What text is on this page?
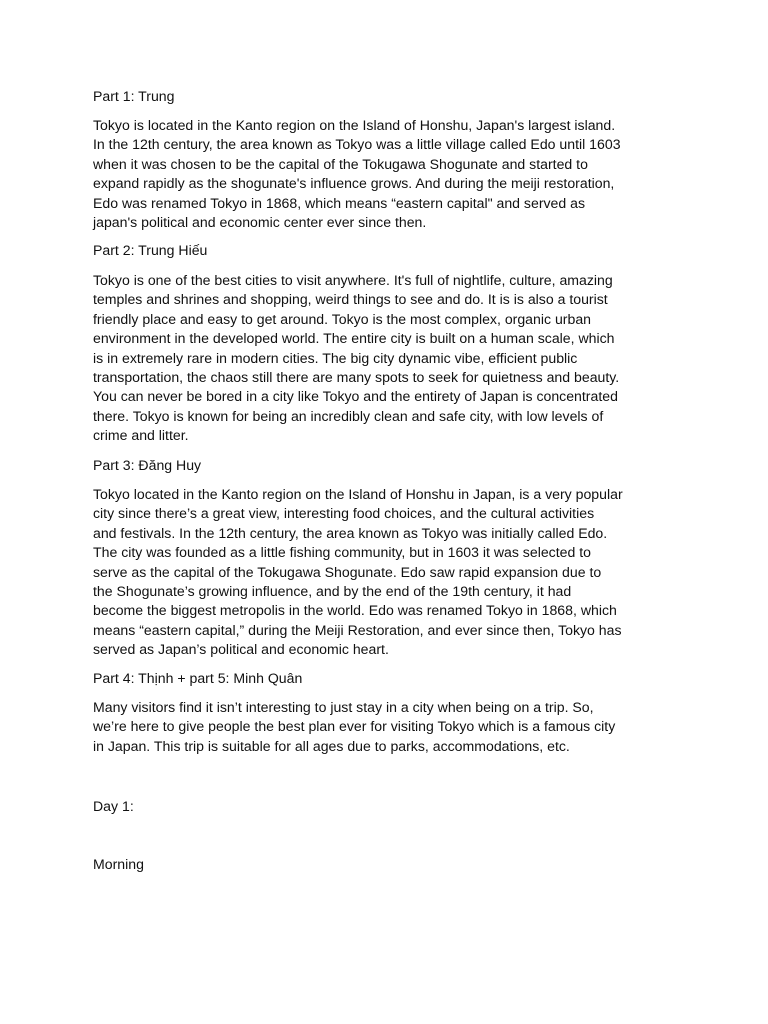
Part 1: Trung

Tokyo is located in the Kanto region on the Island of Honshu, Japan's largest island.
In the 12th century, the area known as Tokyo was a little village called Edo until 1603
when it was chosen to be the capital of the Tokugawa Shogunate and started to
expand rapidly as the shogunate's influence grows. And during the meiji restoration,
Edo was renamed Tokyo in 1868, which means “eastern capital" and served as
japan's political and economic center ever since then.

Part 2: Trung Hiếu

Tokyo is one of the best cities to visit anywhere. It's full of nightlife, culture, amazing
temples and shrines and shopping, weird things to see and do. It is is also a tourist
friendly place and easy to get around. Tokyo is the most complex, organic urban
environment in the developed world. The entire city is built on a human scale, which
is in extremely rare in modern cities. The big city dynamic vibe, efficient public
transportation, the chaos still there are many spots to seek for quietness and beauty.
You can never be bored in a city like Tokyo and the entirety of Japan is concentrated
there. Tokyo is known for being an incredibly clean and safe city, with low levels of
crime and litter.

Part 3: Đăng Huy

Tokyo located in the Kanto region on the Island of Honshu in Japan, is a very popular
city since there’s a great view, interesting food choices, and the cultural activities
and festivals. In the 12th century, the area known as Tokyo was initially called Edo.
The city was founded as a little fishing community, but in 1603 it was selected to
serve as the capital of the Tokugawa Shogunate. Edo saw rapid expansion due to
the Shogunate’s growing influence, and by the end of the 19th century, it had
become the biggest metropolis in the world. Edo was renamed Tokyo in 1868, which
means “eastern capital,” during the Meiji Restoration, and ever since then, Tokyo has
served as Japan’s political and economic heart.

Part 4: Thịnh + part 5: Minh Quân

Many visitors find it isn’t interesting to just stay in a city when being on a trip. So,
we’re here to give people the best plan ever for visiting Tokyo which is a famous city
in Japan. This trip is suitable for all ages due to parks, accommodations, etc.

Day 1:

Morning
